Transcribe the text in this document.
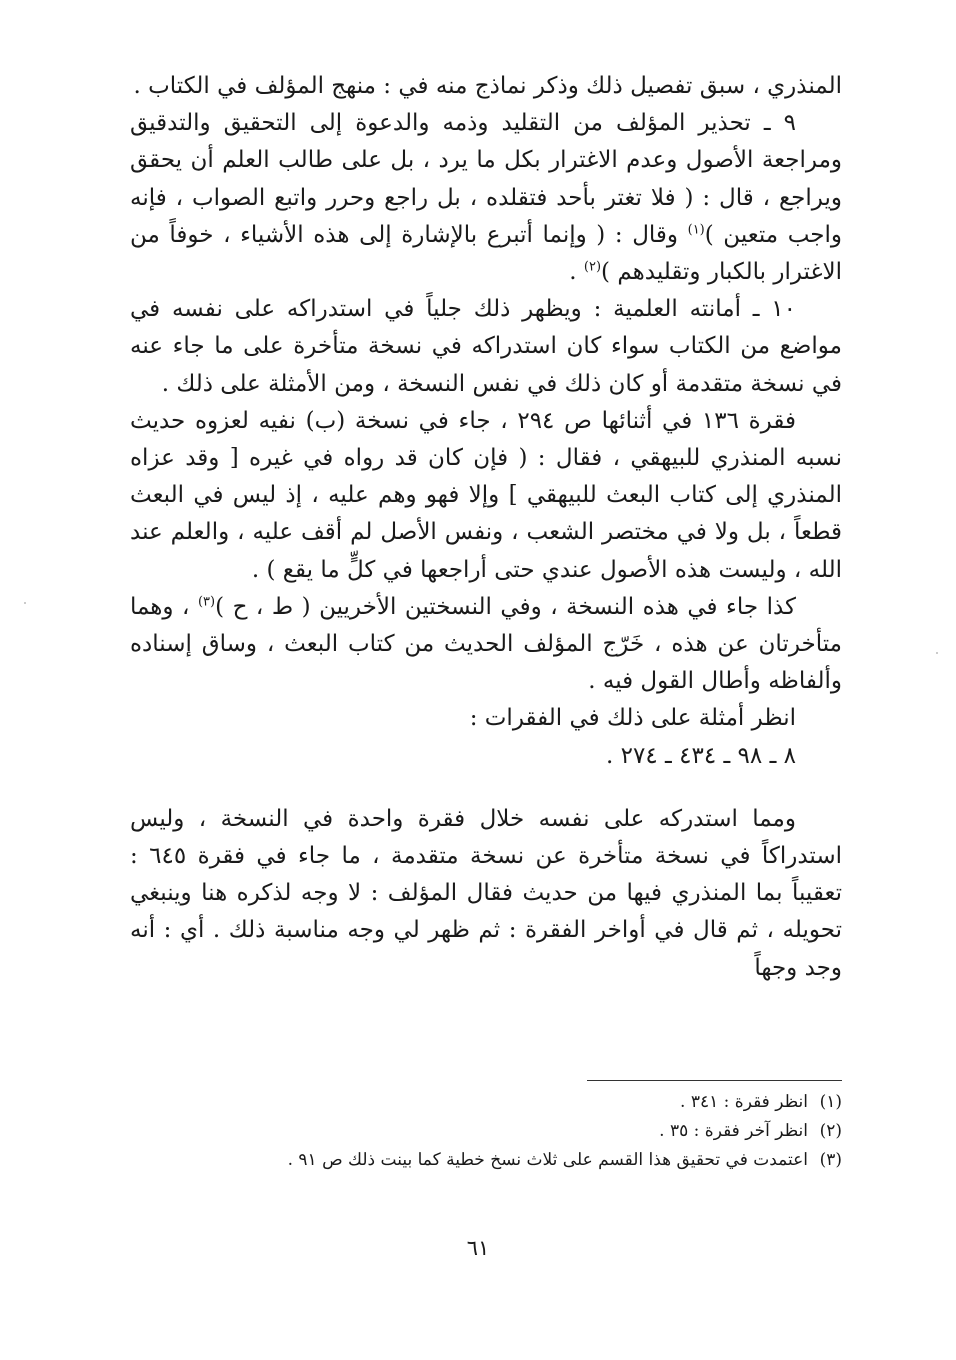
المنذري ، سبق تفصيل ذلك وذكر نماذج منه في : منهج المؤلف في الكتاب .

٩ ـ تحذير المؤلف من التقليد وذمه والدعوة إلى التحقيق والتدقيق ومراجعة الأصول وعدم الاغترار بكل ما يرد ، بل على طالب العلم أن يحقق ويراجع ، قال : ( فلا تغتر بأحد فتقلده ، بل راجع وحرر واتبع الصواب ، فإنه واجب متعين )$^{(١)}$ وقال : ( وإنما أتبرع بالإشارة إلى هذه الأشياء ، خوفاً من الاغترار بالكبار وتقليدهم )$^{(٢)}$ .

١٠ ـ أمانته العلمية : ويظهر ذلك جلياً في استدراكه على نفسه في مواضع من الكتاب سواء كان استدراكه في نسخة متأخرة على ما جاء عنه في نسخة متقدمة أو كان ذلك في نفس النسخة ، ومن الأمثلة على ذلك .

فقرة ١٣٦ في أثنائها ص ٢٩٤ ، جاء في نسخة (ب) نفيه لعزوه حديث نسبه المنذري للبيهقي ، فقال : ( فإن كان قد رواه في غيره [ وقد عزاه المنذري إلى كتاب البعث للبيهقي ] وإلا فهو وهم عليه ، إذ ليس في البعث قطعاً ، بل ولا في مختصر الشعب ، ونفس الأصل لم أقف عليه ، والعلم عند الله ، وليست هذه الأصول عندي حتى أراجعها في كلٍّ ما يقع ) .

كذا جاء في هذه النسخة ، وفي النسختين الأخريين ( ط ، ح )$^{(٣)}$ ، وهما متأخرتان عن هذه ، خَرّج المؤلف الحديث من كتاب البعث ، وساق إسناده وألفاظه وأطال القول فيه .

انظر أمثلة على ذلك في الفقرات :

٨ ـ ٩٨ ـ ٤٣٤ ـ ٢٧٤ .

ومما استدركه على نفسه خلال فقرة واحدة في النسخة ، وليس استدراكاً في نسخة متأخرة عن نسخة متقدمة ، ما جاء في فقرة ٦٤٥ : تعقيباً بما المنذري فيها من حديث فقال المؤلف : لا وجه لذكره هنا وينبغي تحويله ، ثم قال في أواخر الفقرة : ثم ظهر لي وجه مناسبة ذلك . أي : أنه وجد وجهاً

(١)انظر فقرة : ٣٤١ .
(٢)انظر آخر فقرة : ٣٥ .
(٣)اعتمدت في تحقيق هذا القسم على ثلاث نسخ خطية كما بينت ذلك ص ٩١ .
٦١
